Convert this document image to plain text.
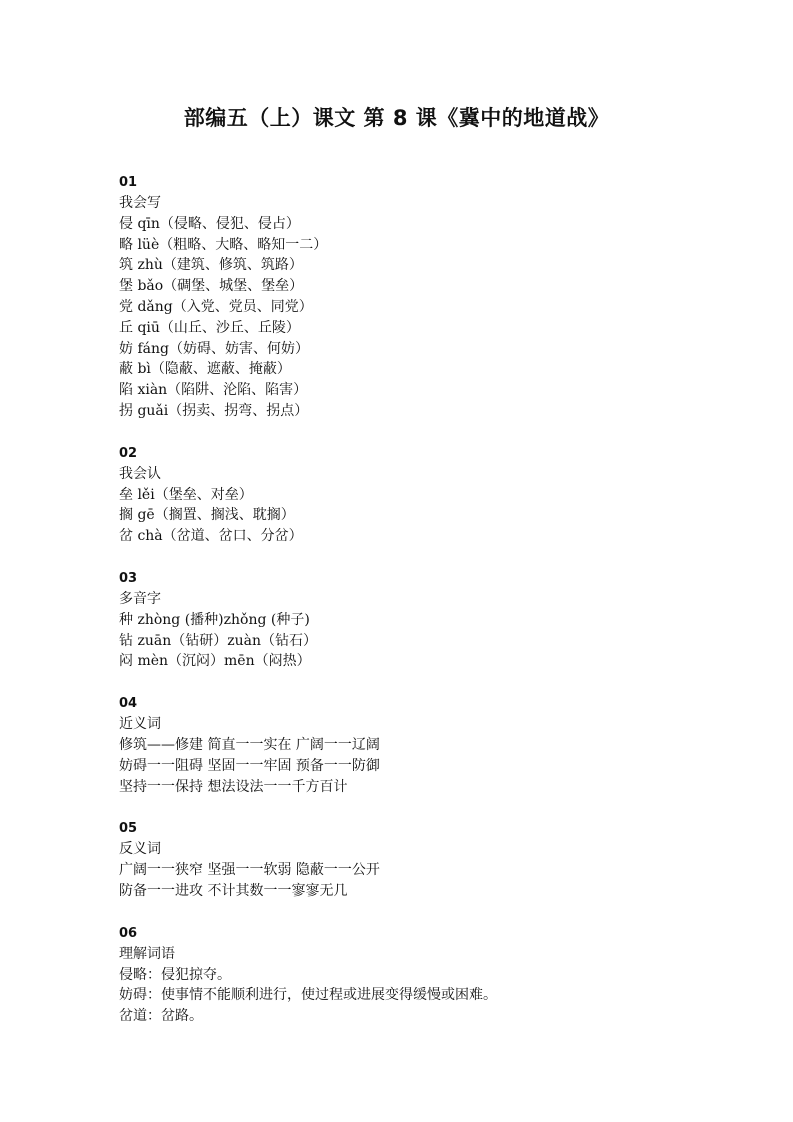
部编五（上）课文 第 8 课《冀中的地道战》
01
我会写
侵 qīn（侵略、侵犯、侵占）
略 lüè（粗略、大略、略知一二）
筑 zhù（建筑、修筑、筑路）
堡 bǎo（碉堡、城堡、堡垒）
党 dǎng（入党、党员、同党）
丘 qiū（山丘、沙丘、丘陵）
妨 fáng（妨碍、妨害、何妨）
蔽 bì（隐蔽、遮蔽、掩蔽）
陷 xiàn（陷阱、沦陷、陷害）
拐 guǎi（拐卖、拐弯、拐点）
02
我会认
垒 lěi（堡垒、对垒）
搁 gē（搁置、搁浅、耽搁）
岔 chà（岔道、岔口、分岔）
03
多音字
种 zhòng (播种)zhǒng (种子)
钻 zuān（钻研）zuàn（钻石）
闷 mèn（沉闷）mēn（闷热）
04
近义词
修筑——修建 简直一一实在 广阔一一辽阔
妨碍一一阻碍 坚固一一牢固 预备一一防御
坚持一一保持 想法设法一一千方百计
05
反义词
广阔一一狭窄 坚强一一软弱 隐蔽一一公开
防备一一进攻 不计其数一一寥寥无几
06
理解词语
侵略：侵犯掠夺。
妨碍：使事情不能顺利进行，使过程或进展变得缓慢或困难。
岔道：岔路。
